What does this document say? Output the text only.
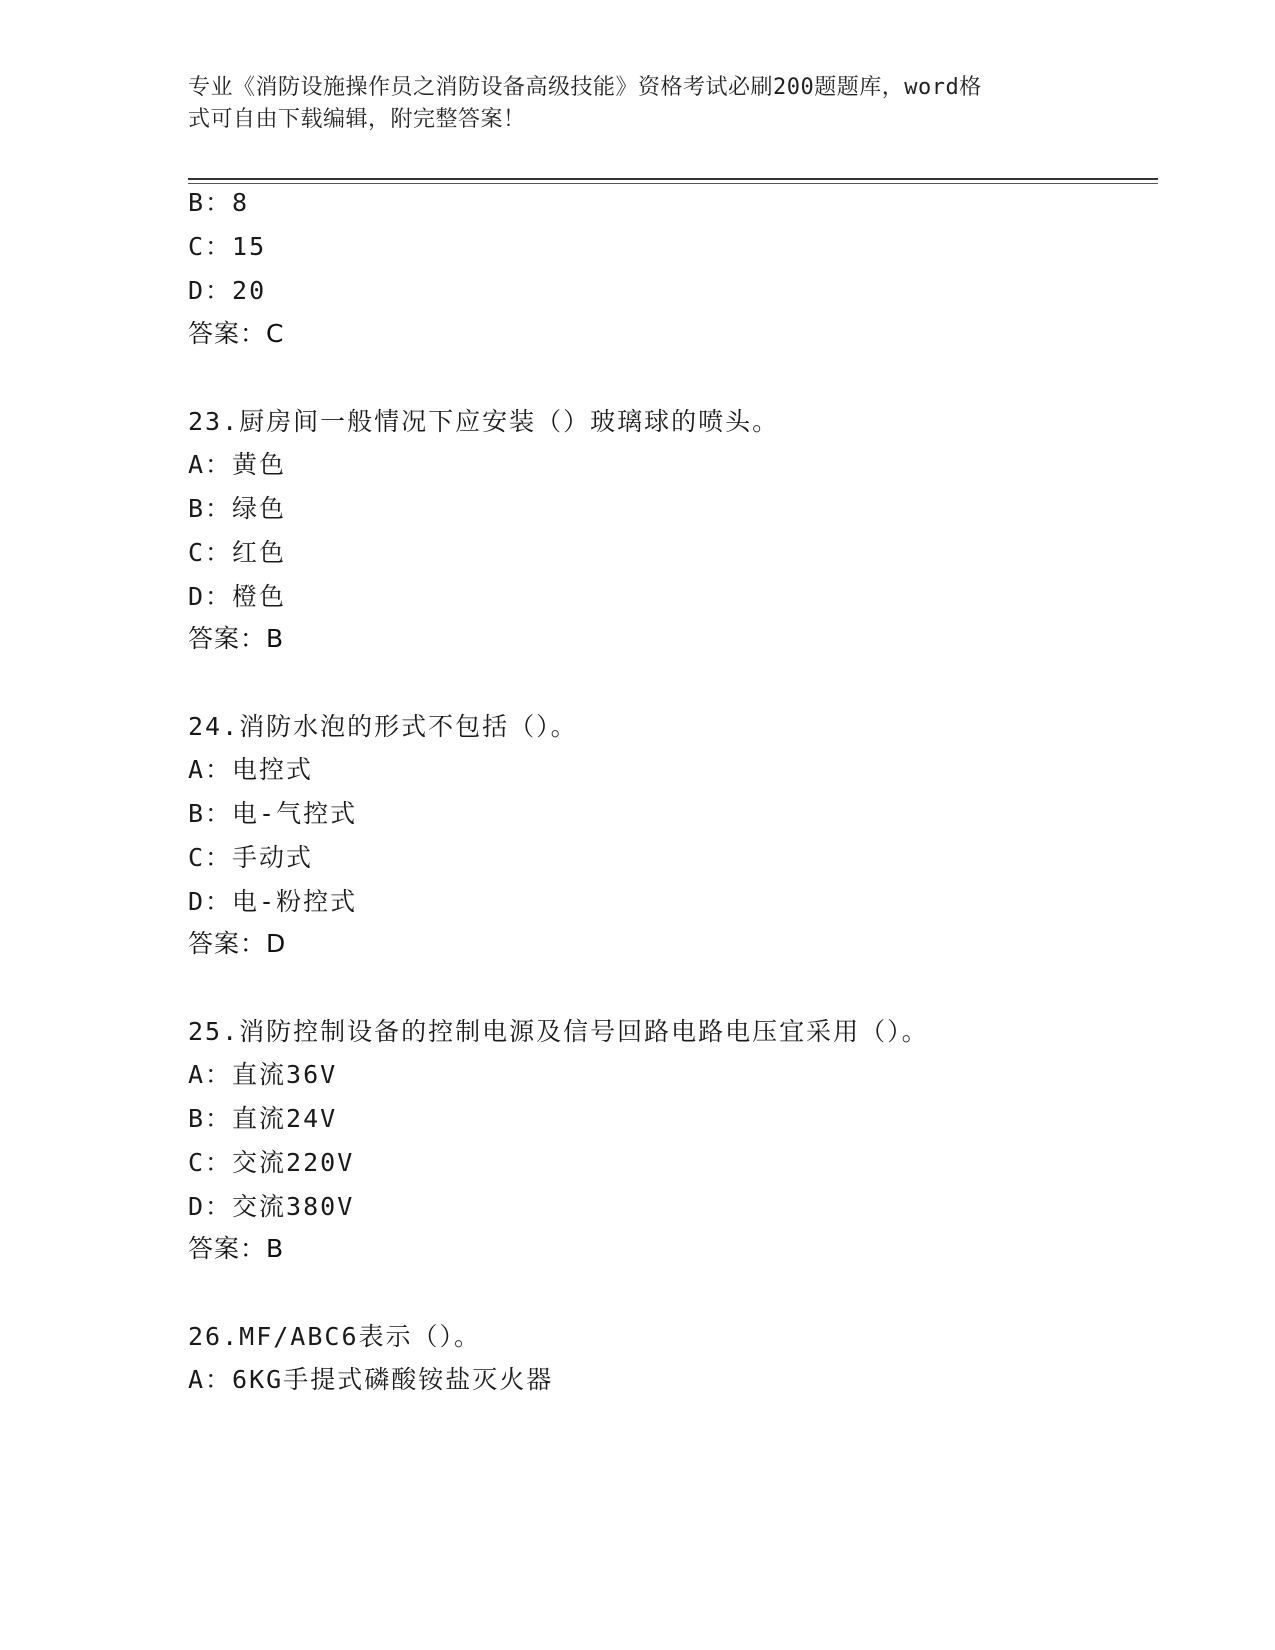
专业《消防设施操作员之消防设备高级技能》资格考试必刷200题题库，word格
式可自由下载编辑，附完整答案！
B：8
C：15
D：20
答案：C
23.厨房间一般情况下应安装（）玻璃球的喷头。
A：黄色
B：绿色
C：红色
D：橙色
答案：B
24.消防水泡的形式不包括（）。
A：电控式
B：电-气控式
C：手动式
D：电-粉控式
答案：D
25.消防控制设备的控制电源及信号回路电路电压宜采用（）。
A：直流36V
B：直流24V
C：交流220V
D：交流380V
答案：B
26.MF/ABC6表示（）。
A：6KG手提式磷酸铵盐灭火器
